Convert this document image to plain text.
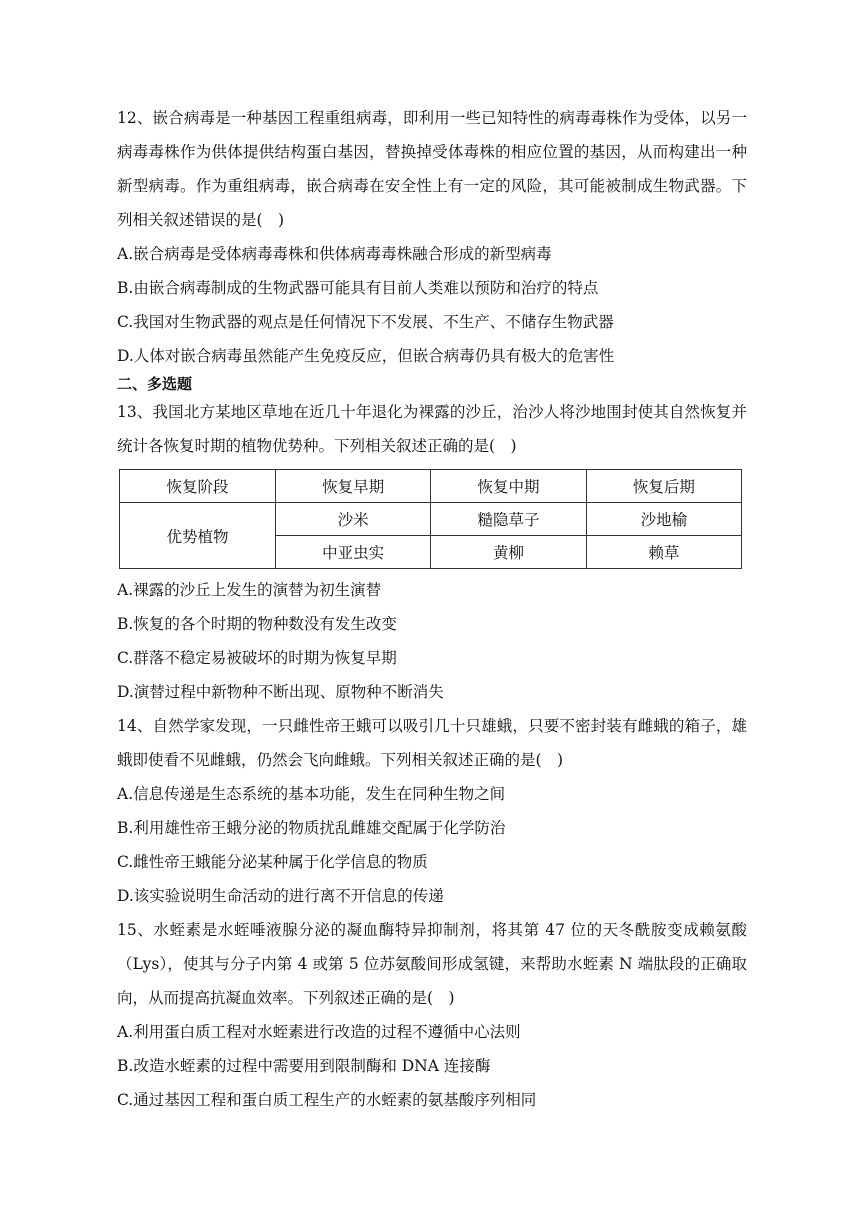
12、嵌合病毒是一种基因工程重组病毒，即利用一些已知特性的病毒毒株作为受体，以另一病毒毒株作为供体提供结构蛋白基因，替换掉受体毒株的相应位置的基因，从而构建出一种新型病毒。作为重组病毒，嵌合病毒在安全性上有一定的风险，其可能被制成生物武器。下列相关叙述错误的是(　)

A.嵌合病毒是受体病毒毒株和供体病毒毒株融合形成的新型病毒

B.由嵌合病毒制成的生物武器可能具有目前人类难以预防和治疗的特点

C.我国对生物武器的观点是任何情况下不发展、不生产、不储存生物武器

D.人体对嵌合病毒虽然能产生免疫反应，但嵌合病毒仍具有极大的危害性

二、多选题

13、我国北方某地区草地在近几十年退化为裸露的沙丘，治沙人将沙地围封使其自然恢复并统计各恢复时期的植物优势种。下列相关叙述正确的是(　)

恢复阶段	恢复早期	恢复中期	恢复后期
优势植物	沙米	糙隐草子	沙地榆
	中亚虫实	黄柳	赖草

A.裸露的沙丘上发生的演替为初生演替

B.恢复的各个时期的物种数没有发生改变

C.群落不稳定易被破坏的时期为恢复早期

D.演替过程中新物种不断出现、原物种不断消失

14、自然学家发现，一只雌性帝王蛾可以吸引几十只雄蛾，只要不密封装有雌蛾的箱子，雄蛾即使看不见雌蛾，仍然会飞向雌蛾。下列相关叙述正确的是(　)

A.信息传递是生态系统的基本功能，发生在同种生物之间

B.利用雄性帝王蛾分泌的物质扰乱雌雄交配属于化学防治

C.雌性帝王蛾能分泌某种属于化学信息的物质

D.该实验说明生命活动的进行离不开信息的传递

15、水蛭素是水蛭唾液腺分泌的凝血酶特异抑制剂，将其第 47 位的天冬酰胺变成赖氨酸（Lys），使其与分子内第 4 或第 5 位苏氨酸间形成氢键，来帮助水蛭素 N 端肽段的正确取向，从而提高抗凝血效率。下列叙述正确的是(　)

A.利用蛋白质工程对水蛭素进行改造的过程不遵循中心法则

B.改造水蛭素的过程中需要用到限制酶和 DNA 连接酶

C.通过基因工程和蛋白质工程生产的水蛭素的氨基酸序列相同
